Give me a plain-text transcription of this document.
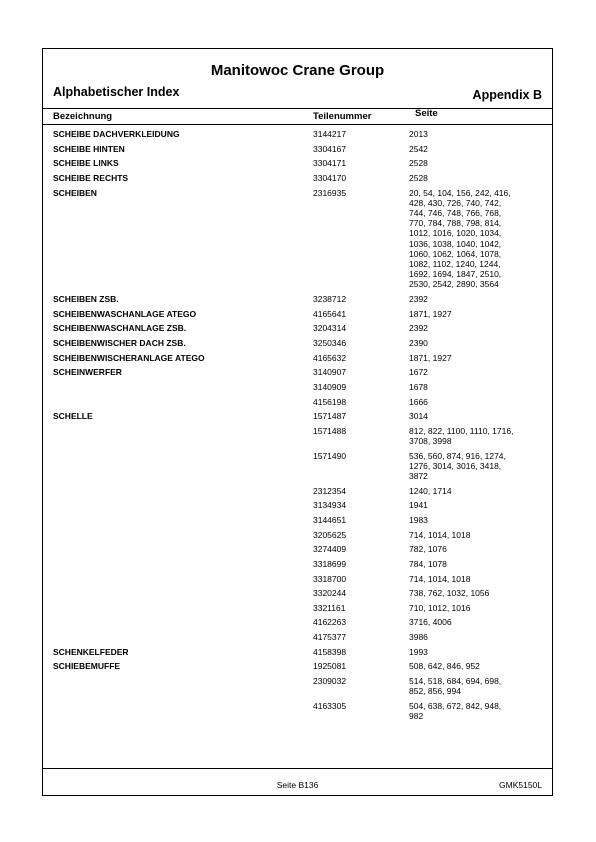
Manitowoc Crane Group
Alphabetischer Index	Appendix B
Bezeichnung	Teilenummer	Seite
SCHEIBE DACHVERKLEIDUNG	3144217	2013
SCHEIBE HINTEN	3304167	2542
SCHEIBE LINKS	3304171	2528
SCHEIBE RECHTS	3304170	2528
SCHEIBEN	2316935	20, 54, 104, 156, 242, 416,
428, 430, 726, 740, 742,
744, 746, 748, 766, 768,
770, 784, 788, 798, 814,
1012, 1016, 1020, 1034,
1036, 1038, 1040, 1042,
1060, 1062, 1064, 1078,
1082, 1102, 1240, 1244,
1692, 1694, 1847, 2510,
2530, 2542, 2890, 3564
SCHEIBEN ZSB.	3238712	2392
SCHEIBENWASCHANLAGE ATEGO	4165641	1871, 1927
SCHEIBENWASCHANLAGE ZSB.	3204314	2392
SCHEIBENWISCHER DACH ZSB.	3250346	2390
SCHEIBENWISCHERANLAGE ATEGO	4165632	1871, 1927
SCHEINWERFER	3140907	1672
3140909	1678
4156198	1666
SCHELLE	1571487	3014
1571488	812, 822, 1100, 1110, 1716,
3708, 3998
1571490	536, 560, 874, 916, 1274,
1276, 3014, 3016, 3418,
3872
2312354	1240, 1714
3134934	1941
3144651	1983
3205625	714, 1014, 1018
3274409	782, 1076
3318699	784, 1078
3318700	714, 1014, 1018
3320244	738, 762, 1032, 1056
3321161	710, 1012, 1016
4162263	3716, 4006
4175377	3986
SCHENKELFEDER	4158398	1993
SCHIEBEMUFFE	1925081	508, 642, 846, 952
2309032	514, 518, 684, 694, 698,
852, 856, 994
4163305	504, 638, 672, 842, 948,
982
Seite B136	GMK5150L
